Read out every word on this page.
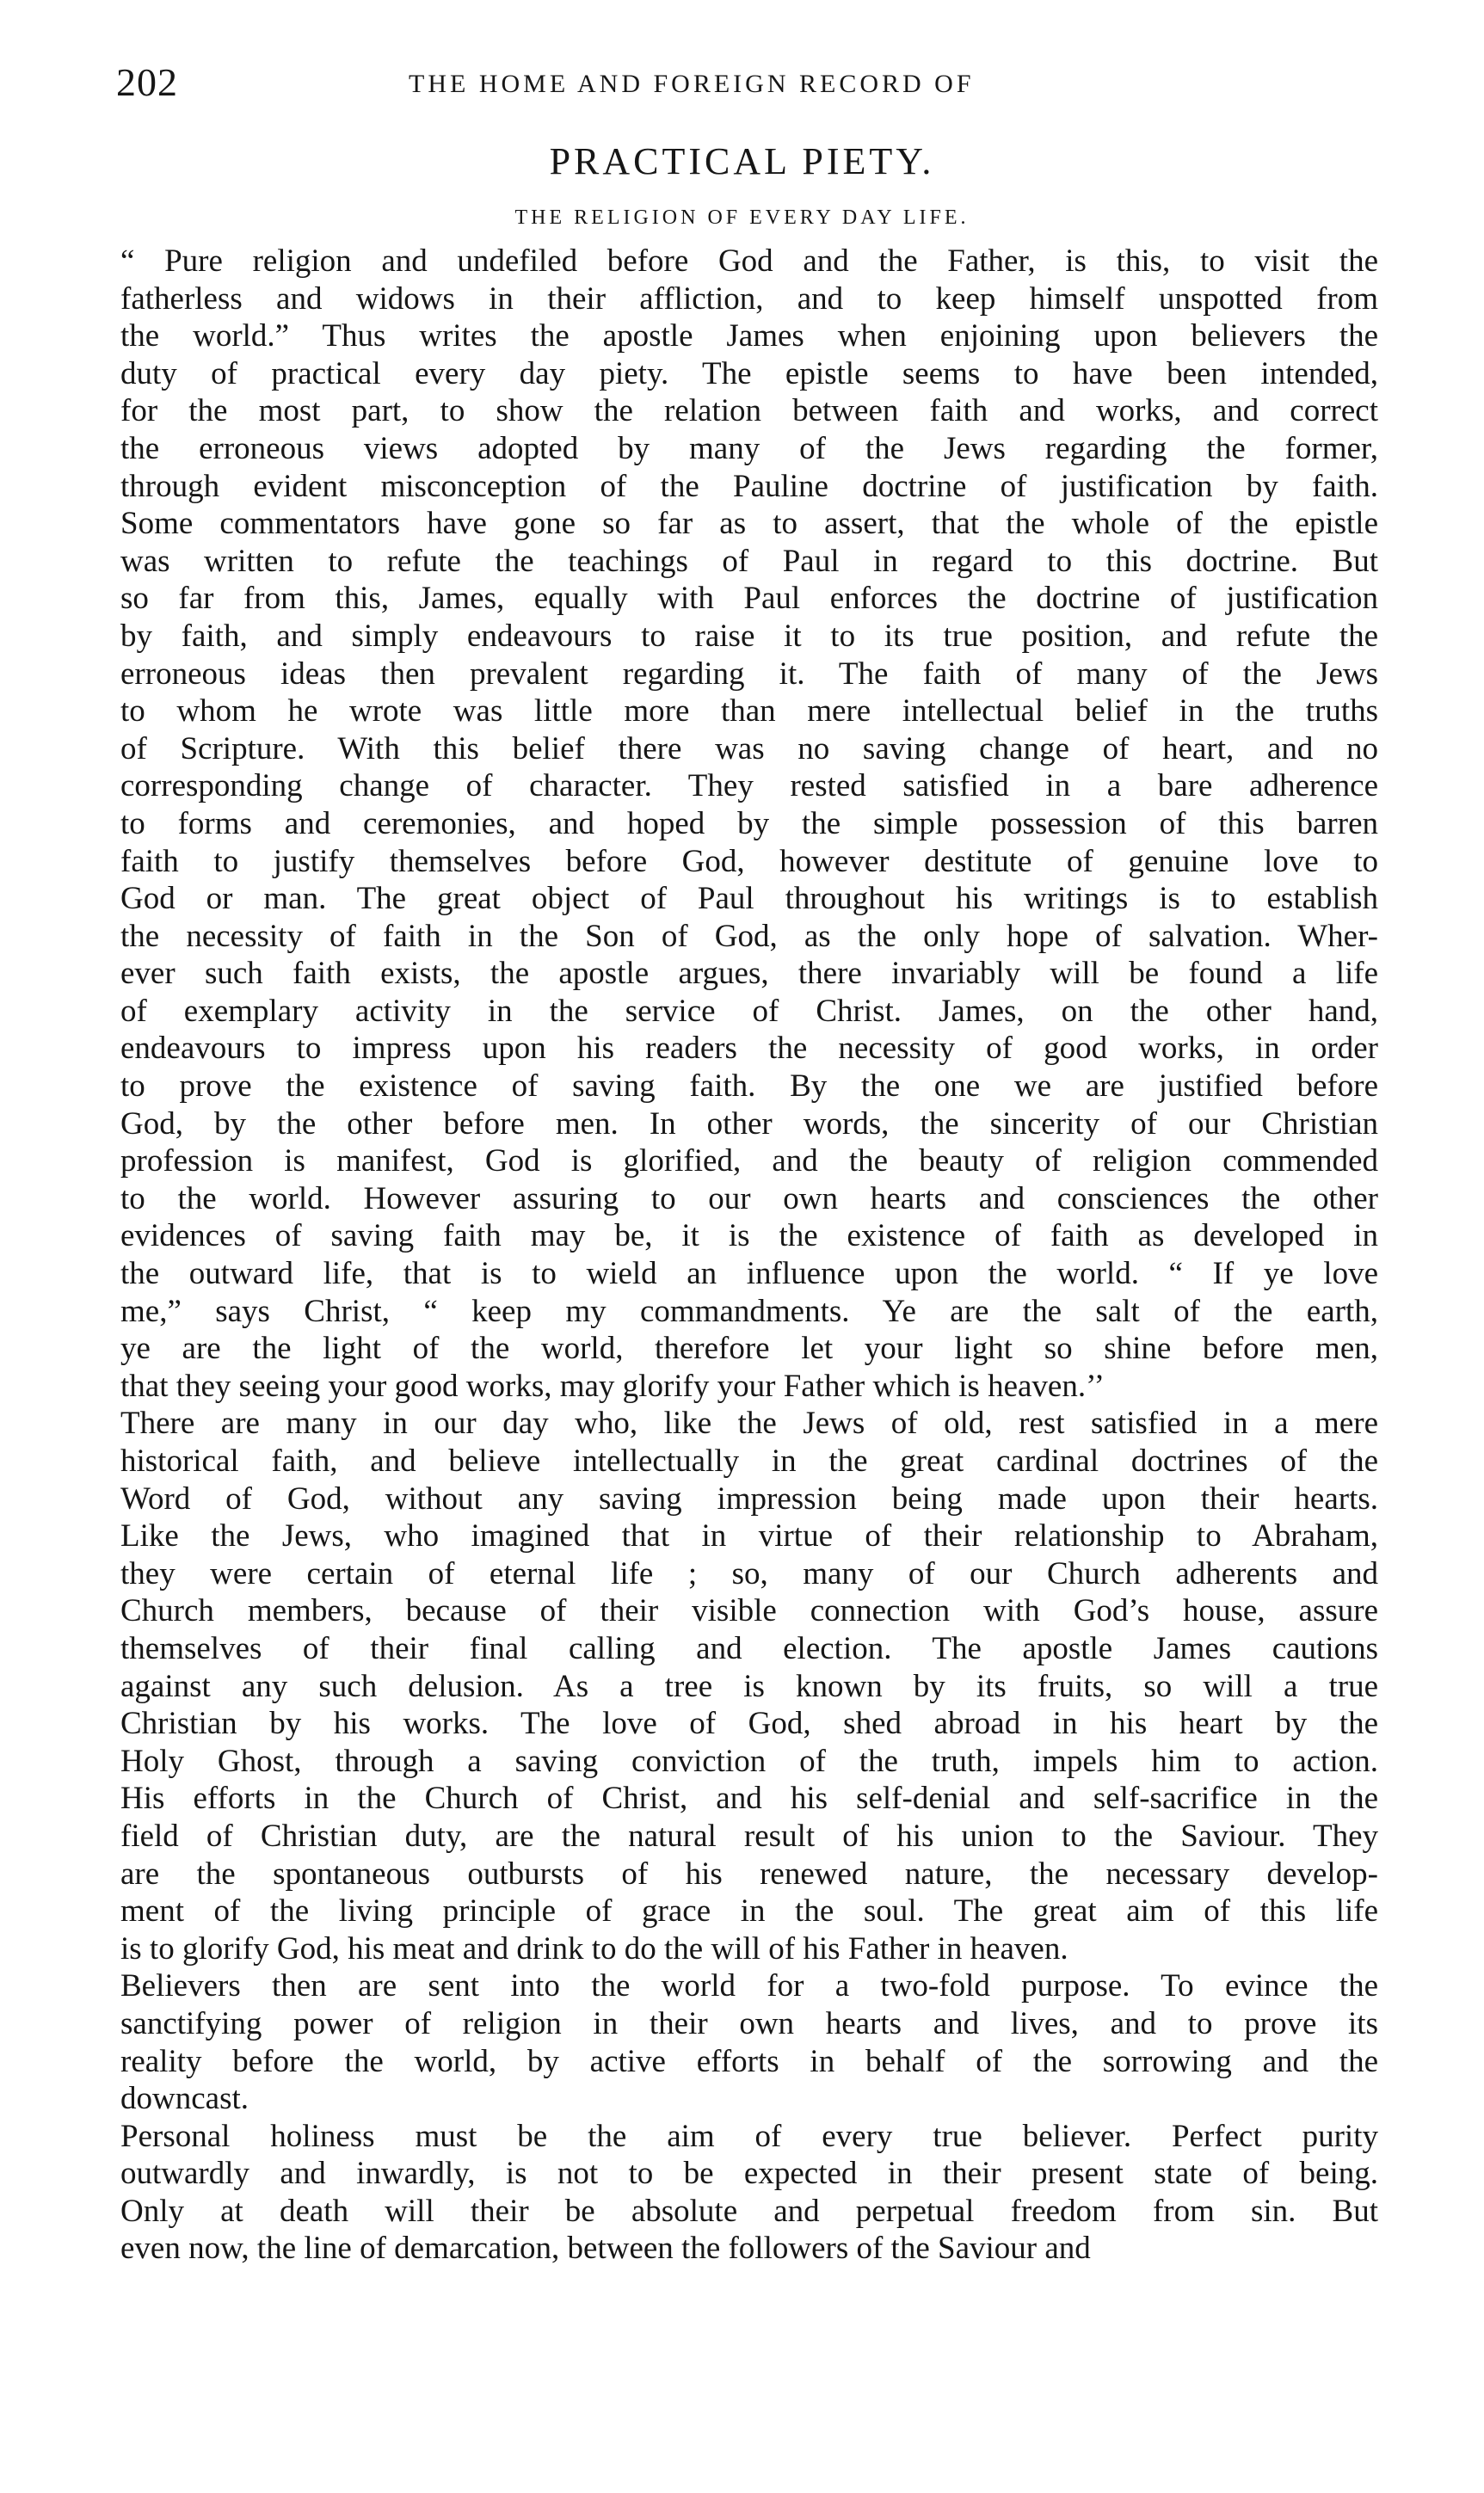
202	THE HOME AND FOREIGN RECORD OF
PRACTICAL PIETY.
THE RELIGION OF EVERY DAY LIFE.

“ Pure religion and undefiled before God and the Father, is this, to visit the
fatherless and widows in their affliction, and to keep himself unspotted from
the world.” Thus writes the apostle James when enjoining upon believers the
duty of practical every day piety. The epistle seems to have been intended,
for the most part, to show the relation between faith and works, and correct
the erroneous views adopted by many of the Jews regarding the former,
through evident misconception of the Pauline doctrine of justification by faith.
Some commentators have gone so far as to assert, that the whole of the epistle
was written to refute the teachings of Paul in regard to this doctrine. But
so far from this, James, equally with Paul enforces the doctrine of justification
by faith, and simply endeavours to raise it to its true position, and refute the
erroneous ideas then prevalent regarding it. The faith of many of the Jews
to whom he wrote was little more than mere intellectual belief in the truths
of Scripture. With this belief there was no saving change of heart, and no
corresponding change of character. They rested satisfied in a bare adherence
to forms and ceremonies, and hoped by the simple possession of this barren
faith to justify themselves before God, however destitute of genuine love to
God or man. The great object of Paul throughout his writings is to establish
the necessity of faith in the Son of God, as the only hope of salvation. Wher-
ever such faith exists, the apostle argues, there invariably will be found a life
of exemplary activity in the service of Christ. James, on the other hand,
endeavours to impress upon his readers the necessity of good works, in order
to prove the existence of saving faith. By the one we are justified before
God, by the other before men. In other words, the sincerity of our Christian
profession is manifest, God is glorified, and the beauty of religion commended
to the world. However assuring to our own hearts and consciences the other
evidences of saving faith may be, it is the existence of faith as developed in
the outward life, that is to wield an influence upon the world. “ If ye love
me,” says Christ, “ keep my commandments. Ye are the salt of the earth,
ye are the light of the world, therefore let your light so shine before men,
that they seeing your good works, may glorify your Father which is heaven.’’

There are many in our day who, like the Jews of old, rest satisfied in a mere
historical faith, and believe intellectually in the great cardinal doctrines of the
Word of God, without any saving impression being made upon their hearts.
Like the Jews, who imagined that in virtue of their relationship to Abraham,
they were certain of eternal life ; so, many of our Church adherents and
Church members, because of their visible connection with God’s house, assure
themselves of their final calling and election. The apostle James cautions
against any such delusion. As a tree is known by its fruits, so will a true
Christian by his works. The love of God, shed abroad in his heart by the
Holy Ghost, through a saving conviction of the truth, impels him to action.
His efforts in the Church of Christ, and his self-denial and self-sacrifice in the
field of Christian duty, are the natural result of his union to the Saviour. They
are the spontaneous outbursts of his renewed nature, the necessary develop-
ment of the living principle of grace in the soul. The great aim of this life
is to glorify God, his meat and drink to do the will of his Father in heaven.

Believers then are sent into the world for a two-fold purpose. To evince the
sanctifying power of religion in their own hearts and lives, and to prove its
reality before the world, by active efforts in behalf of the sorrowing and the
downcast.

Personal holiness must be the aim of every true believer. Perfect purity
outwardly and inwardly, is not to be expected in their present state of being.
Only at death will their be absolute and perpetual freedom from sin. But
even now, the line of demarcation, between the followers of the Saviour and
